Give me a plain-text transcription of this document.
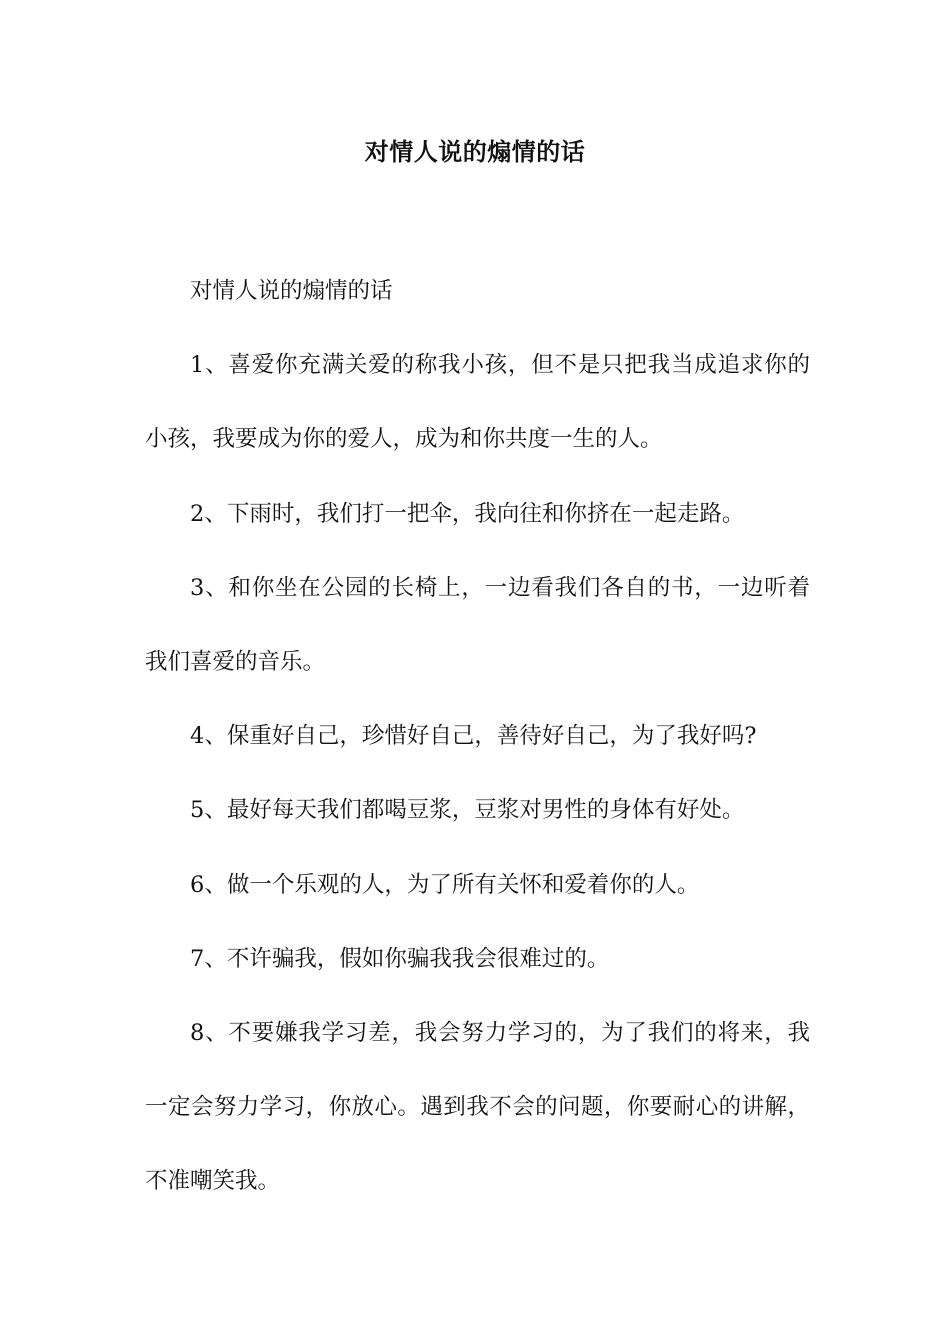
对情人说的煽情的话

对情人说的煽情的话

1、喜爱你充满关爱的称我小孩，但不是只把我当成追求你的小孩，我要成为你的爱人，成为和你共度一生的人。

2、下雨时，我们打一把伞，我向往和你挤在一起走路。

3、和你坐在公园的长椅上，一边看我们各自的书，一边听着我们喜爱的音乐。

4、保重好自己，珍惜好自己，善待好自己，为了我好吗?

5、最好每天我们都喝豆浆，豆浆对男性的身体有好处。

6、做一个乐观的人，为了所有关怀和爱着你的人。

7、不许骗我，假如你骗我我会很难过的。

8、不要嫌我学习差，我会努力学习的，为了我们的将来，我一定会努力学习，你放心。遇到我不会的问题，你要耐心的讲解，不准嘲笑我。
